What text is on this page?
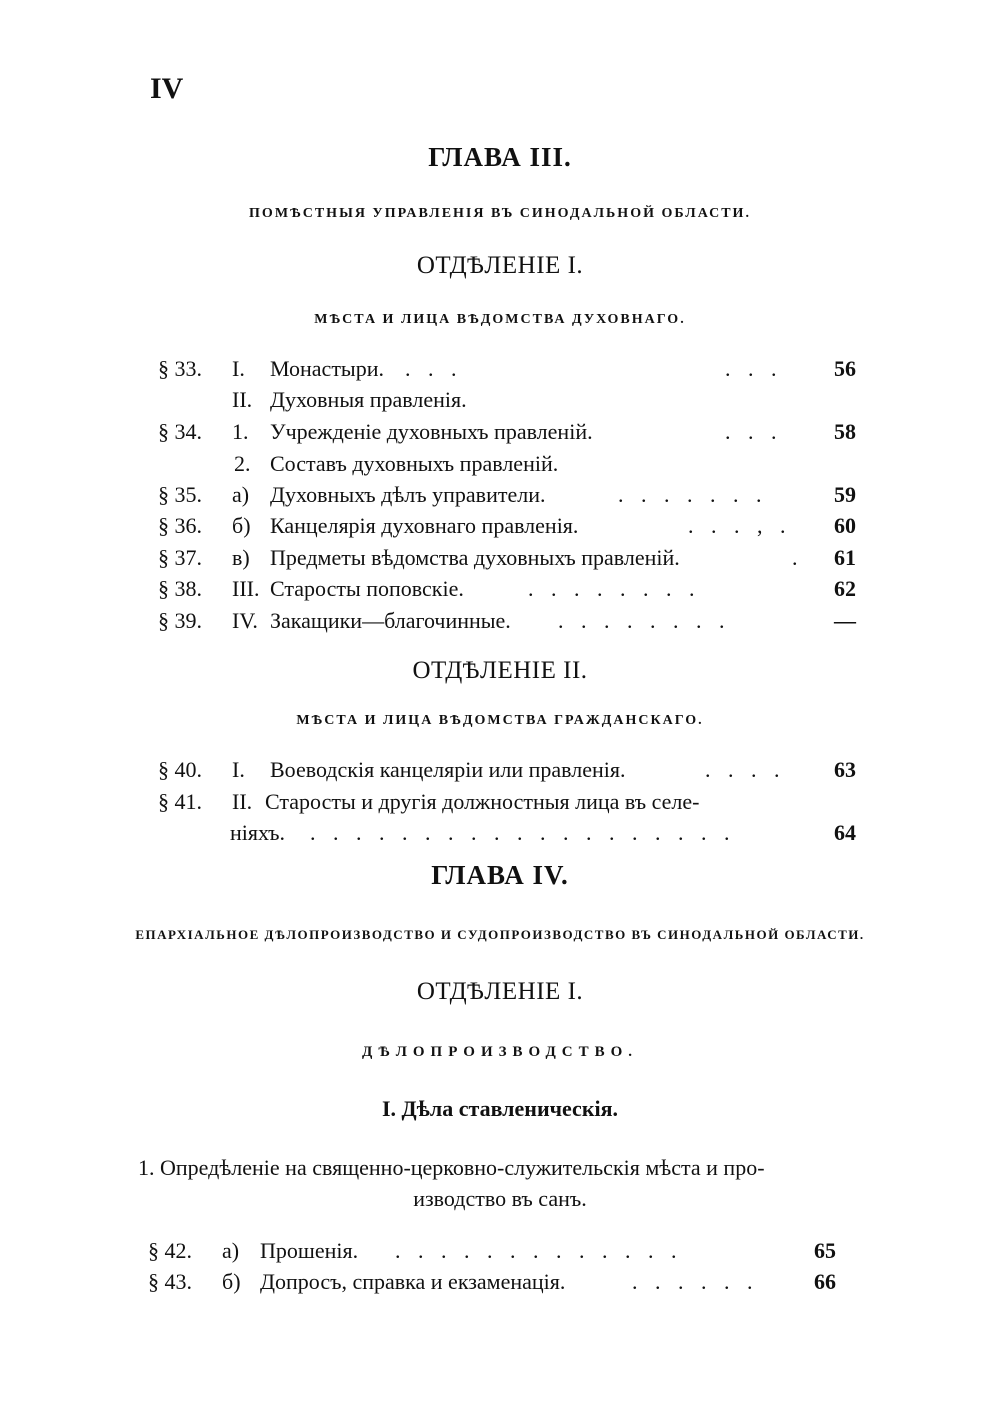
IV
ГЛАВА III.
ПОМѢСТНЫЯ УПРАВЛЕНІЯ ВЪ СИНОДАЛЬНОЙ ОБЛАСТИ.
ОТДѢЛЕНІЕ I.
МѢСТА И ЛИЦА ВѢДОМСТВА ДУХОВНАГО.
§ 33. I. Монастыри. . . .	. . . 56
II. Духовныя правленія.
§ 34. 1. Учрежденіе духовныхъ правленій.	. . . 58
2. Составъ духовныхъ правленій.
§ 35. а) Духовныхъ дѣлъ управители.	. . . . . . .	59
§ 36. б) Канцелярія духовнаго правленія.	. . . , . 60
§ 37. в) Предметы вѣдомства духовныхъ правленій.	. 61
§ 38. III. Старосты поповскіе.	. . . . . . . .	62
§ 39. IV. Закащики—благочинные. . . . . . . . .	—
ОТДѢЛЕНІЕ II.
МѢСТА И ЛИЦА ВѢДОМСТВА ГРАЖДАНСКАГО.
§ 40. I. Воеводскія канцеляріи или правленія.	. . . . 63
§ 41. II. Старосты и другія должностныя лица въ селе-
ніяхъ. . . . . . . . . . . . . . . . . . . .	64
ГЛАВА IV.
ЕПАРХІАЛЬНОЕ ДѢЛОПРОИЗВОДСТВО И СУДОПРОИЗВОДСТВО ВЪ СИНОДАЛЬНОЙ ОБЛАСТИ.
ОТДѢЛЕНІЕ I.
ДѢЛОПРОИЗВОДСТВО.
I. Дѣла ставленическія.
1. Опредѣленіе на священно-церковно-служительскія мѣста и про-
изводство въ санъ.
§ 42. а) Прошенія. . . . . . . . . . . . . .	65
§ 43. б) Допросъ, справка и екзаменація.	. . . . . .	66
